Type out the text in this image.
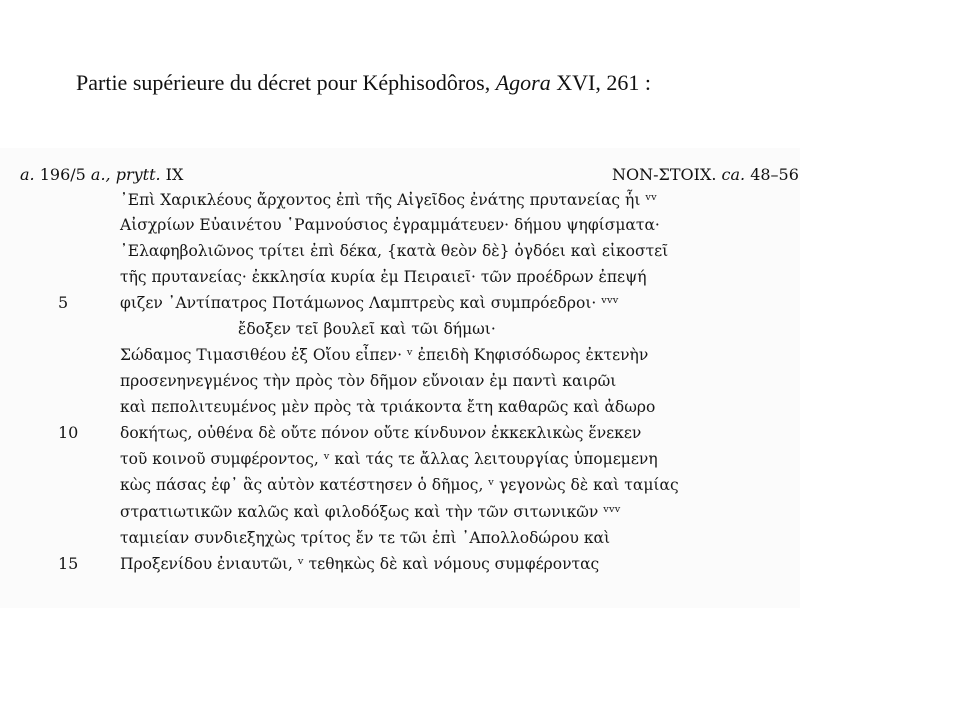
Partie supérieure du décret pour Képhisodôros, Agora XVI, 261 :
a. 196/5 a., prytt. IX	NON-ΣΤΟΙΧ. ca. 48–56
᾿Επὶ Χαρικλέους ἄρχοντος ἐπὶ τῆς Αἰγεῖδος ἐνάτης πρυτανείας ἧι ᵛᵛ
Αἰσχρίων Εὐαινέτου ῾Ραμνούσιος ἐγραμμάτευεν· δήμου ψηφίσματα·
᾿Ελαφηβολιῶνος τρίτει ἐπὶ δέκα, {κατὰ θεὸν δὲ} ὀγδόει καὶ εἰκοστεῖ
τῆς πρυτανείας· ἐκκλησία κυρία ἐμ Πειραιεῖ· τῶν προέδρων ἐπεψή
φιζεν ᾿Αντίπατρος Ποτάμωνος Λαμπτρεὺς καὶ συμπρόεδροι· ᵛᵛᵛ
ἔδοξεν τεῖ βουλεῖ καὶ τῶι δήμωι·
Σώδαμος Τιμασιθέου ἐξ Οἴου εἶπεν· ᵛ ἐπειδὴ Κηφισόδωρος ἐκτενὴν
προσενηνεγμένος τὴν πρὸς τὸν δῆμον εὔνοιαν ἐμ παντὶ καιρῶι
καὶ πεπολιτευμένος μὲν πρὸς τὰ τριάκοντα ἔτη καθαρῶς καὶ ἀδωρο
δοκήτως, οὐθένα δὲ οὔτε πόνον οὔτε κίνδυνον ἐκκεκλικὼς ἕνεκεν
τοῦ κοινοῦ συμφέροντος, ᵛ καὶ τάς τε ἄλλας λειτουργίας ὑπομεμενη
κὼς πάσας ἐφ᾿ ἃς αὐτὸν κατέστησεν ὁ δῆμος, ᵛ γεγονὼς δὲ καὶ ταμίας
στρατιωτικῶν καλῶς καὶ φιλοδόξως καὶ τὴν τῶν σιτωνικῶν ᵛᵛᵛ
ταμιείαν συνδιεξηχὼς τρίτος ἔν τε τῶι ἐπὶ ᾿Απολλοδώρου καὶ
Προξενίδου ἐνιαυτῶι, ᵛ τεθηκὼς δὲ καὶ νόμους συμφέροντας
5
10
15
